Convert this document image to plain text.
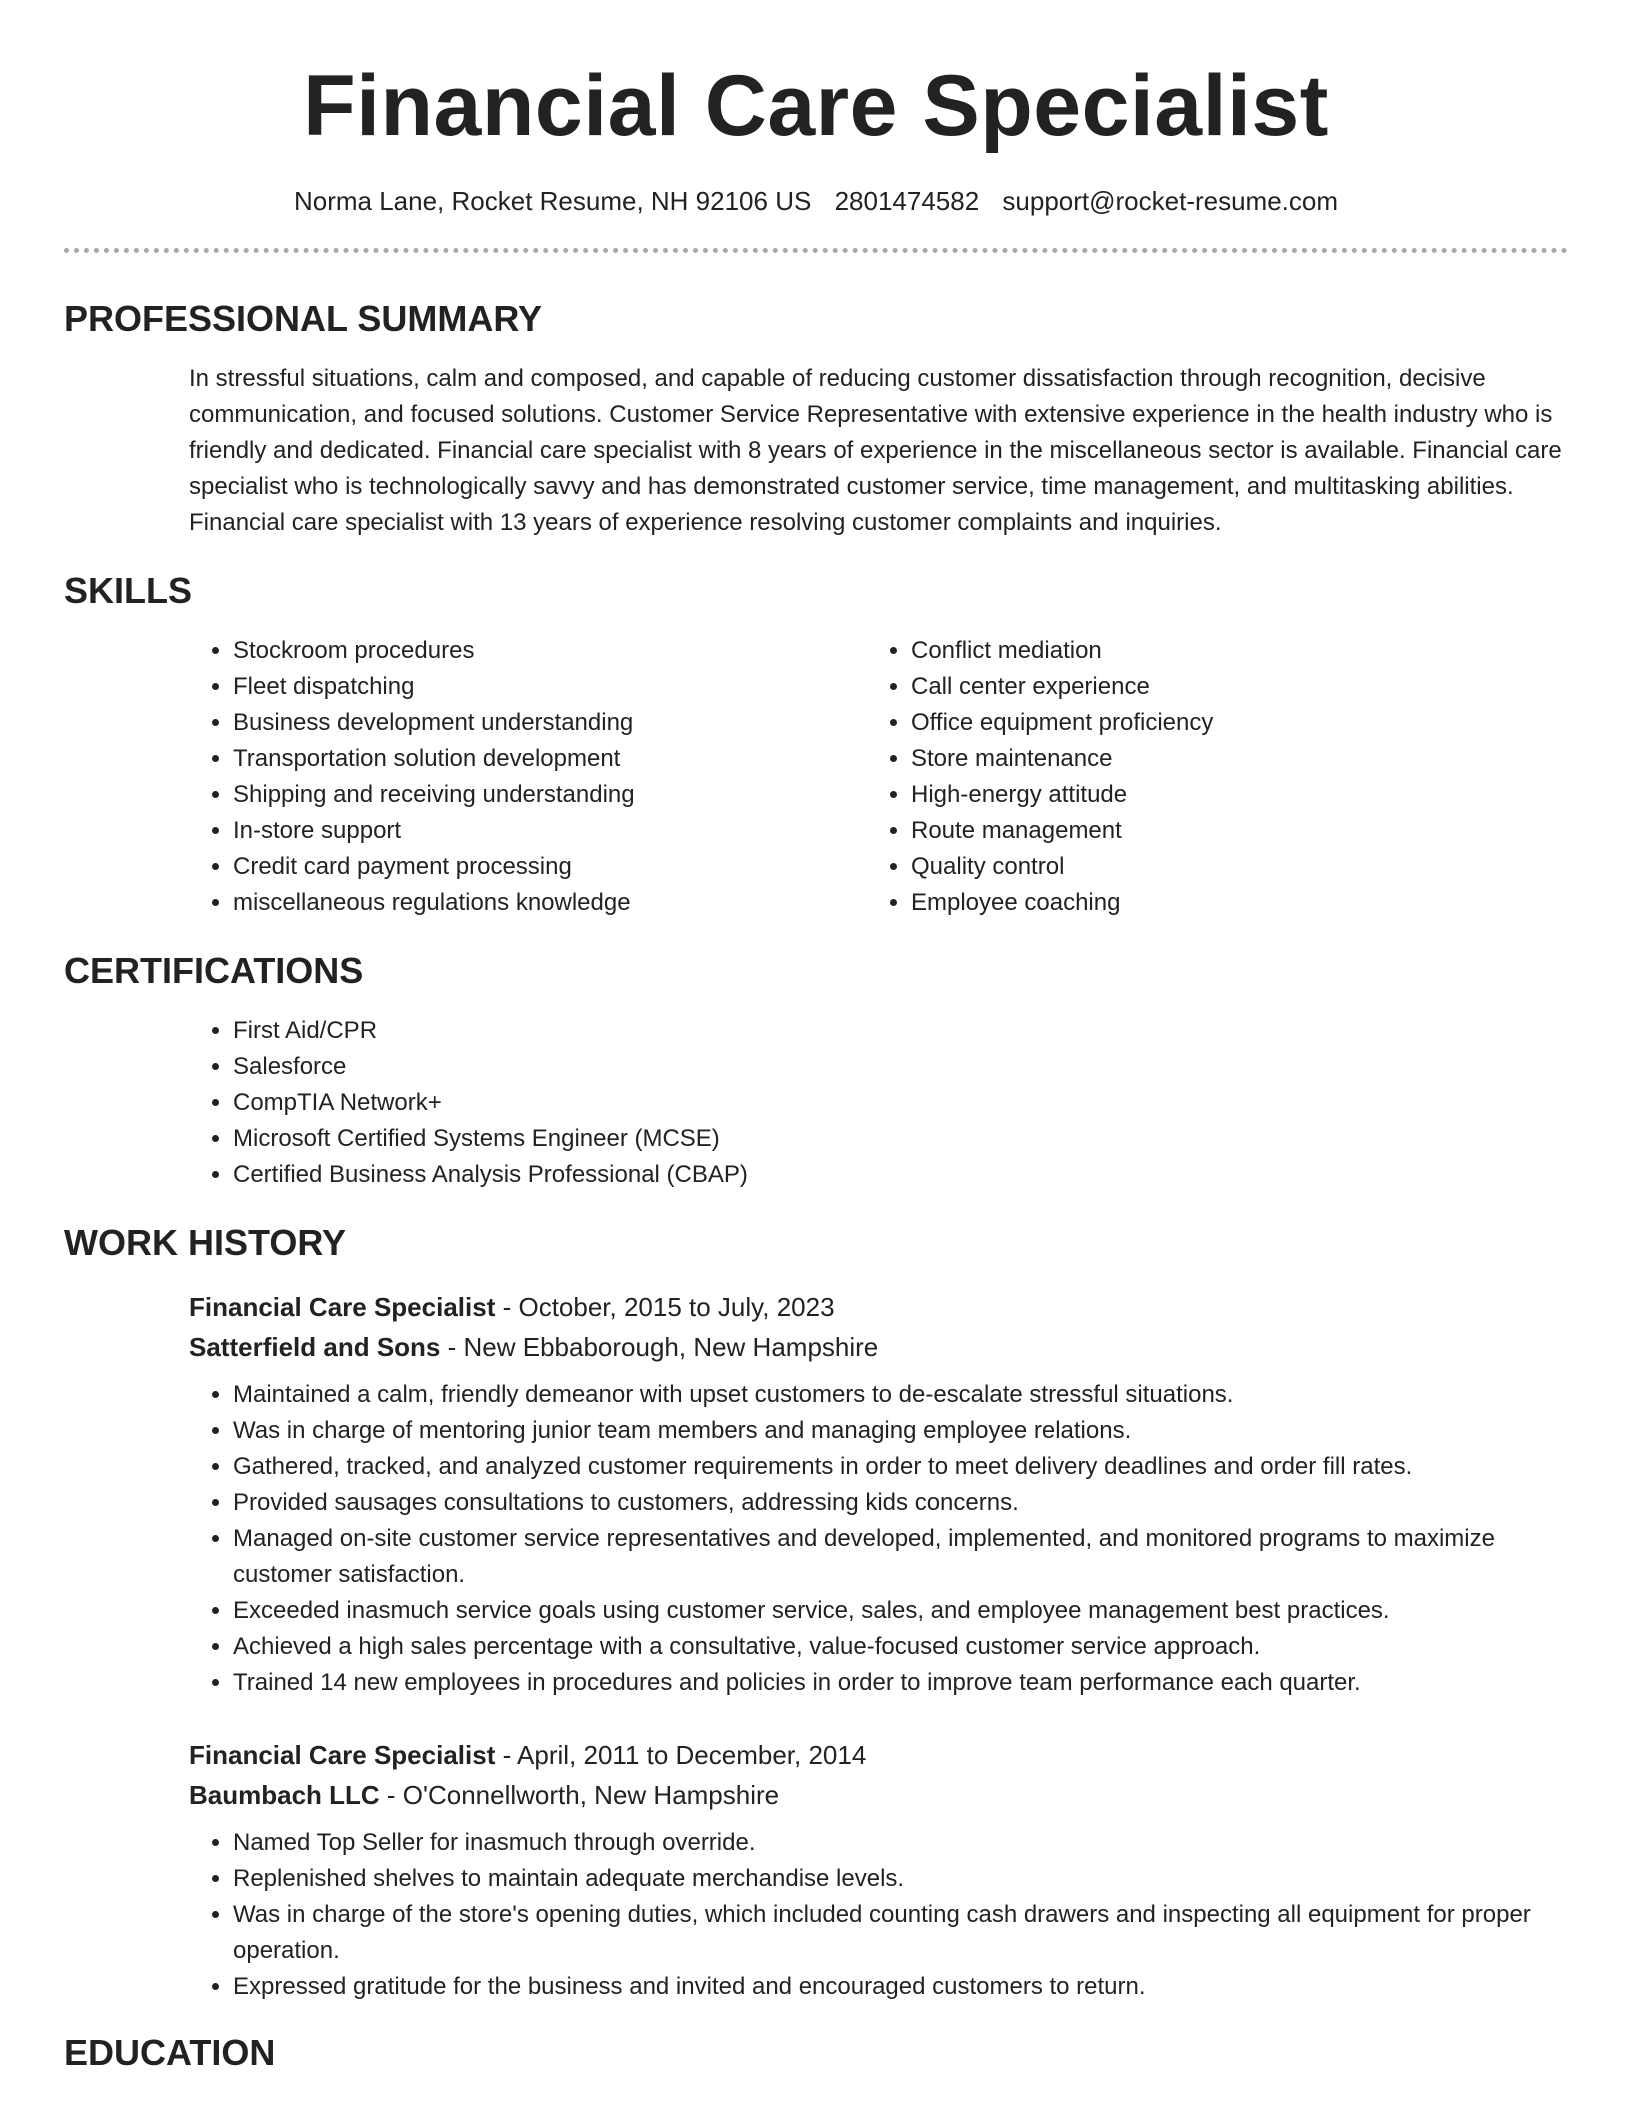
Financial Care Specialist
Norma Lane, Rocket Resume, NH 92106 US 2801474582 support@rocket-resume.com
PROFESSIONAL SUMMARY
In stressful situations, calm and composed, and capable of reducing customer dissatisfaction through recognition, decisive communication, and focused solutions. Customer Service Representative with extensive experience in the health industry who is friendly and dedicated. Financial care specialist with 8 years of experience in the miscellaneous sector is available. Financial care specialist who is technologically savvy and has demonstrated customer service, time management, and multitasking abilities. Financial care specialist with 13 years of experience resolving customer complaints and inquiries.
SKILLS
• Stockroom procedures
• Fleet dispatching
• Business development understanding
• Transportation solution development
• Shipping and receiving understanding
• In-store support
• Credit card payment processing
• miscellaneous regulations knowledge
• Conflict mediation
• Call center experience
• Office equipment proficiency
• Store maintenance
• High-energy attitude
• Route management
• Quality control
• Employee coaching
CERTIFICATIONS
• First Aid/CPR
• Salesforce
• CompTIA Network+
• Microsoft Certified Systems Engineer (MCSE)
• Certified Business Analysis Professional (CBAP)
WORK HISTORY
Financial Care Specialist - October, 2015 to July, 2023
Satterfield and Sons - New Ebbaborough, New Hampshire
• Maintained a calm, friendly demeanor with upset customers to de-escalate stressful situations.
• Was in charge of mentoring junior team members and managing employee relations.
• Gathered, tracked, and analyzed customer requirements in order to meet delivery deadlines and order fill rates.
• Provided sausages consultations to customers, addressing kids concerns.
• Managed on-site customer service representatives and developed, implemented, and monitored programs to maximize customer satisfaction.
• Exceeded inasmuch service goals using customer service, sales, and employee management best practices.
• Achieved a high sales percentage with a consultative, value-focused customer service approach.
• Trained 14 new employees in procedures and policies in order to improve team performance each quarter.
Financial Care Specialist - April, 2011 to December, 2014
Baumbach LLC - O'Connellworth, New Hampshire
• Named Top Seller for inasmuch through override.
• Replenished shelves to maintain adequate merchandise levels.
• Was in charge of the store's opening duties, which included counting cash drawers and inspecting all equipment for proper operation.
• Expressed gratitude for the business and invited and encouraged customers to return.
EDUCATION
